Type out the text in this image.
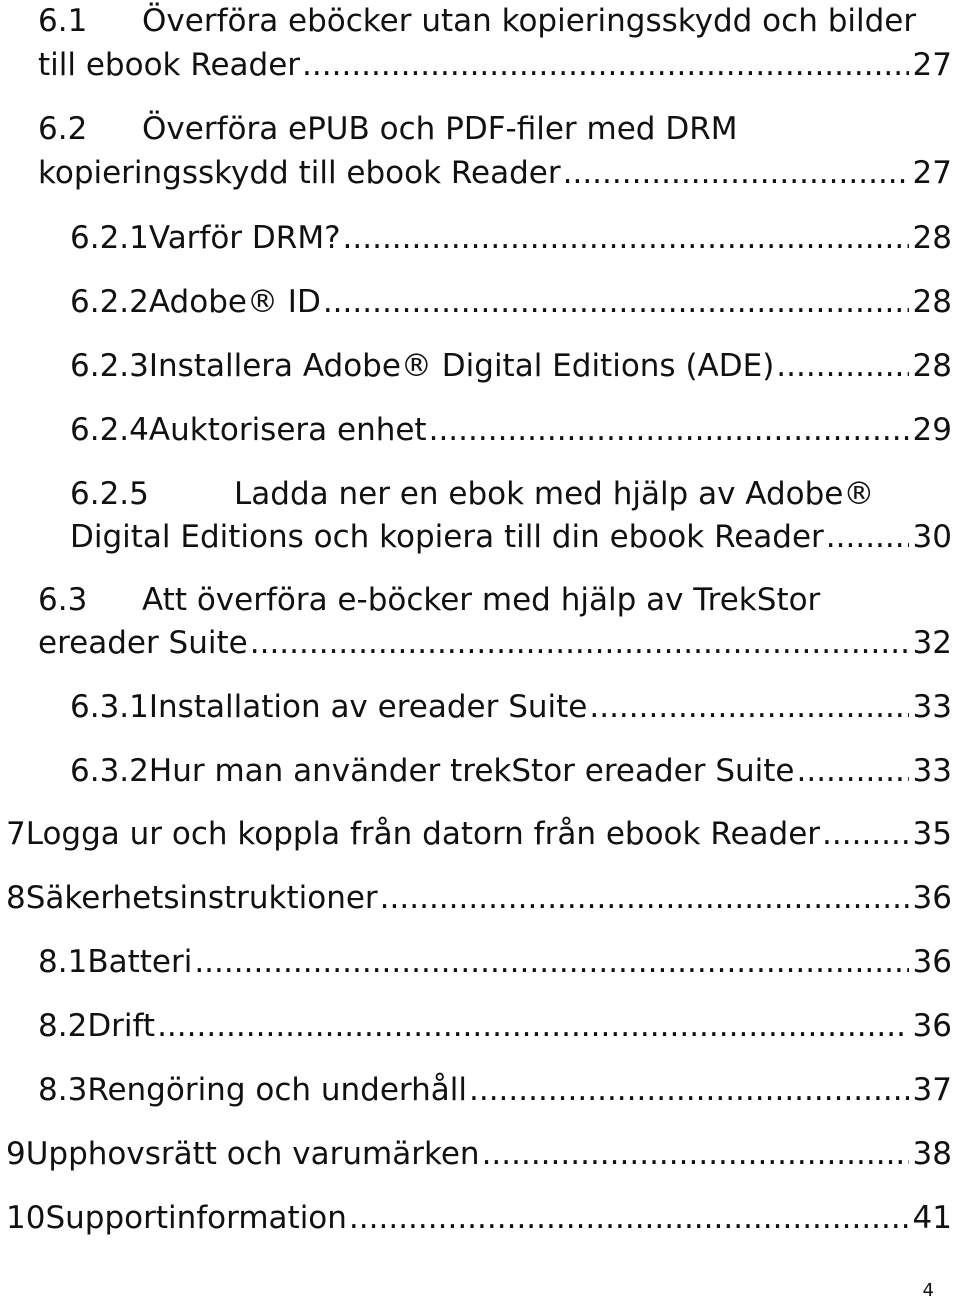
6.1	Överföra eböcker utan kopieringsskydd och bilder
till ebook Reader .....	27
6.2	Överföra ePUB och PDF-filer med DRM
kopieringsskydd till ebook Reader .....	27
6.2.1 Varför DRM? .....	28
6.2.2 Adobe® ID .....	28
6.2.3 Installera Adobe® Digital Editions (ADE) .....	28
6.2.4 Auktorisera enhet .....	29
6.2.5	Ladda ner en ebok med hjälp av Adobe®
Digital Editions och kopiera till din ebook Reader .....	30
6.3	Att överföra e-böcker med hjälp av TrekStor
ereader Suite .....	32
6.3.1 Installation av ereader Suite .....	33
6.3.2 Hur man använder trekStor ereader Suite .....	33
7 Logga ur och koppla från datorn från ebook Reader .....	35
8 Säkerhetsinstruktioner .....	36
8.1 Batteri .....	36
8.2 Drift .....	36
8.3 Rengöring och underhåll .....	37
9 Upphovsrätt och varumärken .....	38
10 Supportinformation .....	41
4
